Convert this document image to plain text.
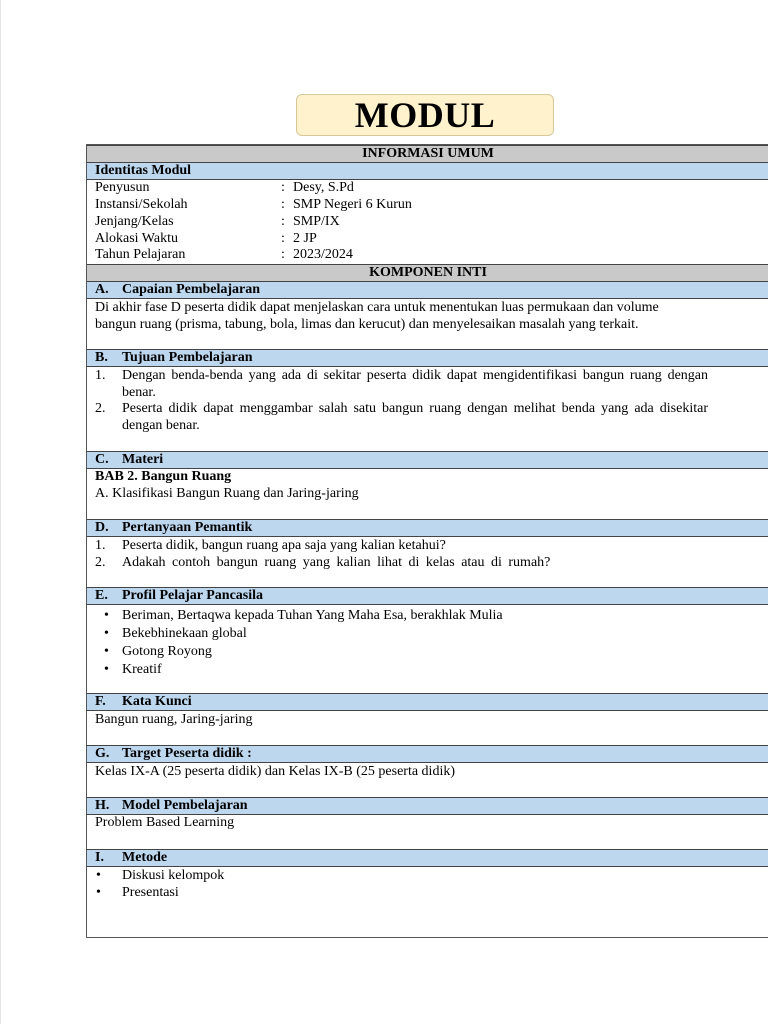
MODUL
INFORMASI UMUM
Identitas Modul
Penyusun	: Desy, S.Pd
Instansi/Sekolah	: SMP Negeri 6 Kurun
Jenjang/Kelas	: SMP/IX
Alokasi Waktu	: 2 JP
Tahun Pelajaran	: 2023/2024
KOMPONEN INTI
A. Capaian Pembelajaran
Di akhir fase D peserta didik dapat menjelaskan cara untuk menentukan luas permukaan dan volume
bangun ruang (prisma, tabung, bola, limas dan kerucut) dan menyelesaikan masalah yang terkait.
B. Tujuan Pembelajaran
1. Dengan benda-benda yang ada di sekitar peserta didik dapat mengidentifikasi bangun ruang dengan benar.
2. Peserta didik dapat menggambar salah satu bangun ruang dengan melihat benda yang ada disekitar dengan benar.
C. Materi
BAB 2. Bangun Ruang
A. Klasifikasi Bangun Ruang dan Jaring-jaring
D. Pertanyaan Pemantik
1. Peserta didik, bangun ruang apa saja yang kalian ketahui?
2. Adakah contoh bangun ruang yang kalian lihat di kelas atau di rumah?
E. Profil Pelajar Pancasila
• Beriman, Bertaqwa kepada Tuhan Yang Maha Esa, berakhlak Mulia
• Bekebhinekaan global
• Gotong Royong
• Kreatif
F. Kata Kunci
Bangun ruang, Jaring-jaring
G. Target Peserta didik :
Kelas IX-A (25 peserta didik) dan Kelas IX-B (25 peserta didik)
H. Model Pembelajaran
Problem Based Learning
I. Metode
• Diskusi kelompok
• Presentasi
